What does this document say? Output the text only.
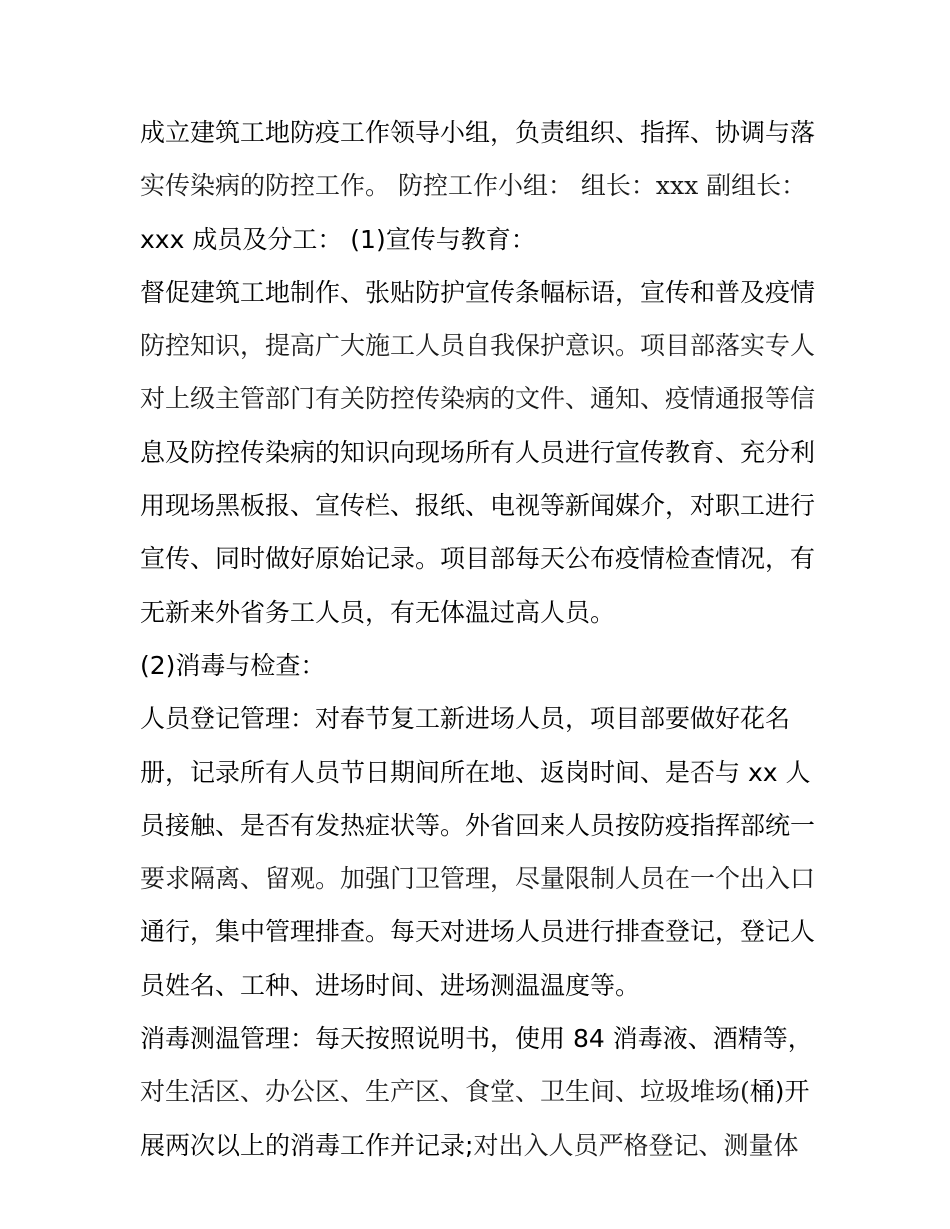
成立建筑工地防疫工作领导小组，负责组织、指挥、协调与落
实传染病的防控工作。 防控工作小组： 组长：xxx 副组长：
xxx 成员及分工： (1)宣传与教育：
督促建筑工地制作、张贴防护宣传条幅标语，宣传和普及疫情
防控知识，提高广大施工人员自我保护意识。项目部落实专人
对上级主管部门有关防控传染病的文件、通知、疫情通报等信
息及防控传染病的知识向现场所有人员进行宣传教育、充分利
用现场黑板报、宣传栏、报纸、电视等新闻媒介，对职工进行
宣传、同时做好原始记录。项目部每天公布疫情检查情况，有
无新来外省务工人员，有无体温过高人员。
(2)消毒与检查：
人员登记管理：对春节复工新进场人员，项目部要做好花名
册，记录所有人员节日期间所在地、返岗时间、是否与 xx 人
员接触、是否有发热症状等。外省回来人员按防疫指挥部统一
要求隔离、留观。加强门卫管理，尽量限制人员在一个出入口
通行，集中管理排查。每天对进场人员进行排查登记，登记人
员姓名、工种、进场时间、进场测温温度等。
消毒测温管理：每天按照说明书，使用 84 消毒液、酒精等，
对生活区、办公区、生产区、食堂、卫生间、垃圾堆场(桶)开
展两次以上的消毒工作并记录;对出入人员严格登记、测量体
